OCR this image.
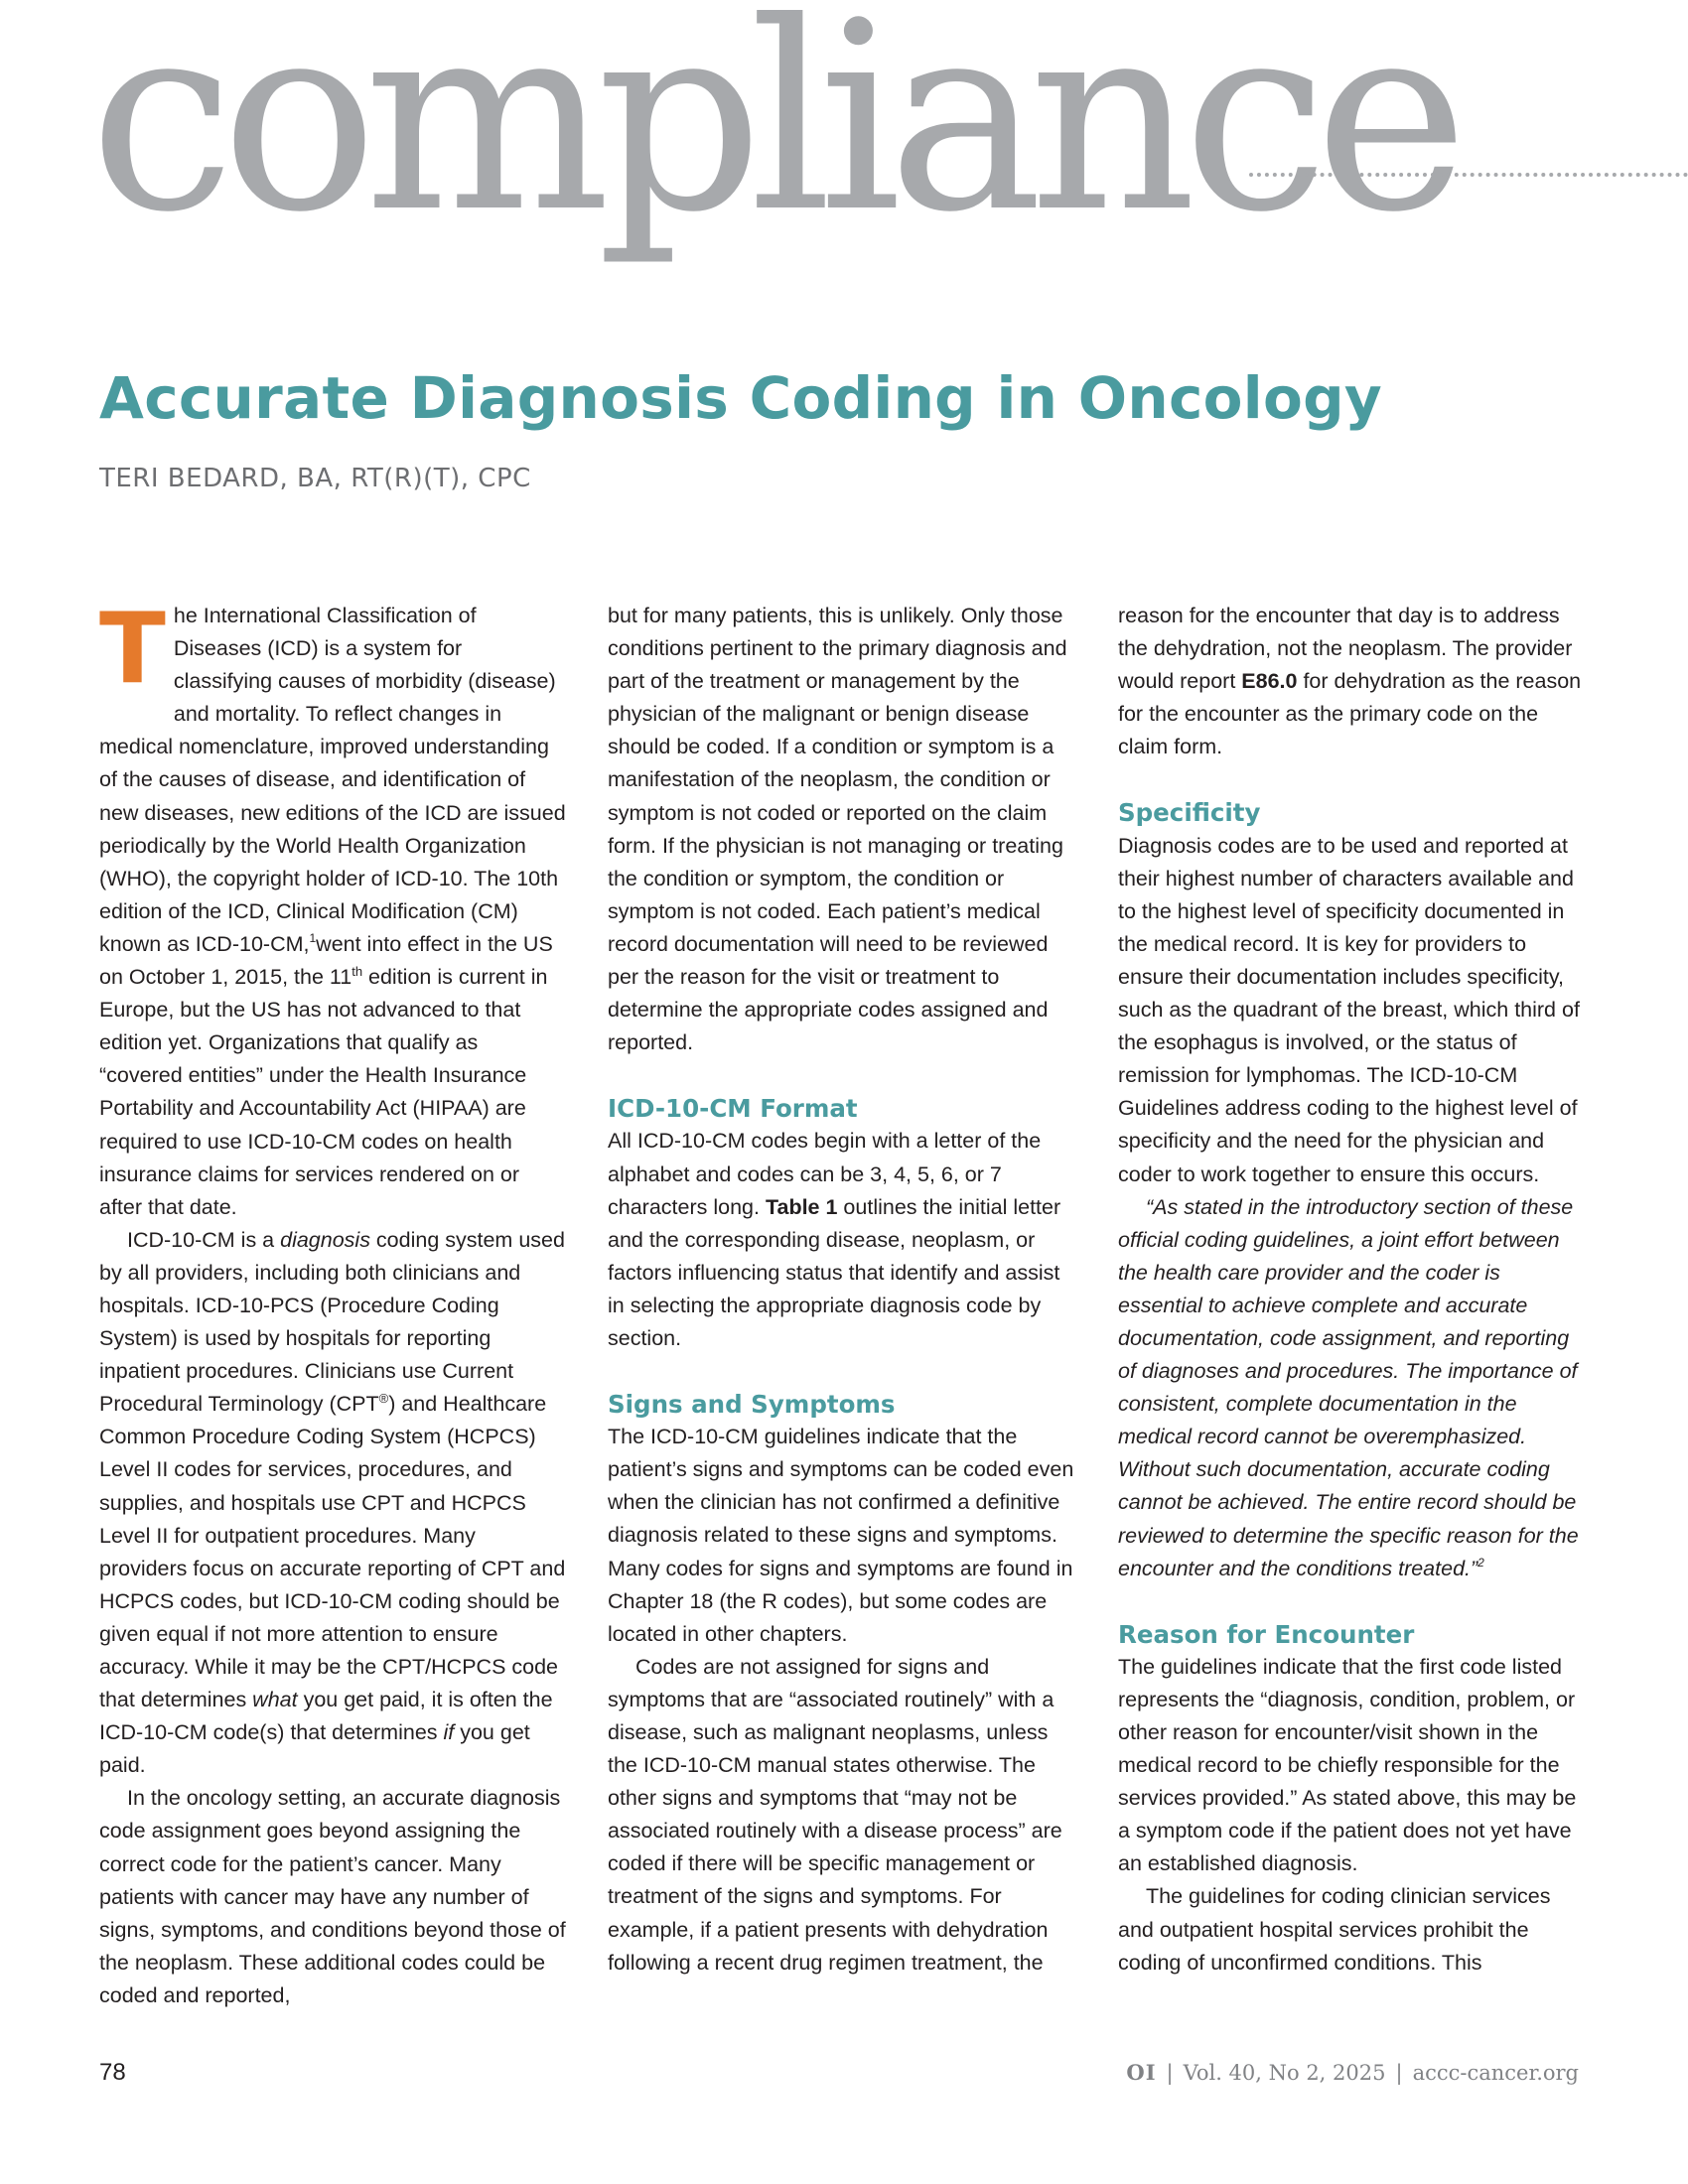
compliance
Accurate Diagnosis Coding in Oncology
TERI BEDARD, BA, RT(R)(T), CPC

The International Classification of Diseases (ICD) is a system for classifying causes of morbidity (disease) and mortality. To reflect changes in medical nomenclature, improved understanding of the causes of disease, and identification of new diseases, new editions of the ICD are issued periodically by the World Health Organization (WHO), the copyright holder of ICD-10. The 10th edition of the ICD, Clinical Modification (CM) known as ICD-10-CM,$^1$went into effect in the US on October 1, 2015, the 11th edition is current in Europe, but the US has not advanced to that edition yet. Organizations that qualify as “covered entities” under the Health Insurance Portability and Accountability Act (HIPAA) are required to use ICD-10-CM codes on health insurance claims for services rendered on or after that date.

ICD-10-CM is a diagnosis coding system used by all providers, including both clinicians and hospitals. ICD-10-PCS (Procedure Coding System) is used by hospitals for reporting inpatient procedures. Clinicians use Current Procedural Terminology (CPT®) and Healthcare Common Procedure Coding System (HCPCS) Level II codes for services, procedures, and supplies, and hospitals use CPT and HCPCS Level II for outpatient procedures. Many providers focus on accurate reporting of CPT and HCPCS codes, but ICD-10-CM coding should be given equal if not more attention to ensure accuracy. While it may be the CPT/HCPCS code that determines what you get paid, it is often the ICD-10-CM code(s) that determines if you get paid.

In the oncology setting, an accurate diagnosis code assignment goes beyond assigning the correct code for the patient’s cancer. Many patients with cancer may have any number of signs, symptoms, and conditions beyond those of the neoplasm. These additional codes could be coded and reported,

but for many patients, this is unlikely. Only those conditions pertinent to the primary diagnosis and part of the treatment or management by the physician of the malignant or benign disease should be coded. If a condition or symptom is a manifestation of the neoplasm, the condition or symptom is not coded or reported on the claim form. If the physician is not managing or treating the condition or symptom, the condition or symptom is not coded. Each patient’s medical record documentation will need to be reviewed per the reason for the visit or treatment to determine the appropriate codes assigned and reported.

ICD-10-CM Format

All ICD-10-CM codes begin with a letter of the alphabet and codes can be 3, 4, 5, 6, or 7 characters long. Table 1 outlines the initial letter and the corresponding disease, neoplasm, or factors influencing status that identify and assist in selecting the appropriate diagnosis code by section.

Signs and Symptoms

The ICD-10-CM guidelines indicate that the patient’s signs and symptoms can be coded even when the clinician has not confirmed a definitive diagnosis related to these signs and symptoms. Many codes for signs and symptoms are found in Chapter 18 (the R codes), but some codes are located in other chapters.

Codes are not assigned for signs and symptoms that are “associated routinely” with a disease, such as malignant neoplasms, unless the ICD-10-CM manual states otherwise. The other signs and symptoms that “may not be associated routinely with a disease process” are coded if there will be specific management or treatment of the signs and symptoms. For example, if a patient presents with dehydration following a recent drug regimen treatment, the

reason for the encounter that day is to address the dehydration, not the neoplasm. The provider would report E86.0 for dehydration as the reason for the encounter as the primary code on the claim form.

Specificity

Diagnosis codes are to be used and reported at their highest number of characters available and to the highest level of specificity documented in the medical record. It is key for providers to ensure their documentation includes specificity, such as the quadrant of the breast, which third of the esophagus is involved, or the status of remission for lymphomas. The ICD-10-CM Guidelines address coding to the highest level of specificity and the need for the physician and coder to work together to ensure this occurs.

“As stated in the introductory section of these official coding guidelines, a joint effort between the health care provider and the coder is essential to achieve complete and accurate documentation, code assignment, and reporting of diagnoses and procedures. The importance of consistent, complete documentation in the medical record cannot be overemphasized. Without such documentation, accurate coding cannot be achieved. The entire record should be reviewed to determine the specific reason for the encounter and the conditions treated.”$^2$

Reason for Encounter

The guidelines indicate that the first code listed represents the “diagnosis, condition, problem, or other reason for encounter/visit shown in the medical record to be chiefly responsible for the services provided.” As stated above, this may be a symptom code if the patient does not yet have an established diagnosis.

The guidelines for coding clinician services and outpatient hospital services prohibit the coding of unconfirmed conditions. This

78	OI | Vol. 40, No 2, 2025 | accc-cancer.org
